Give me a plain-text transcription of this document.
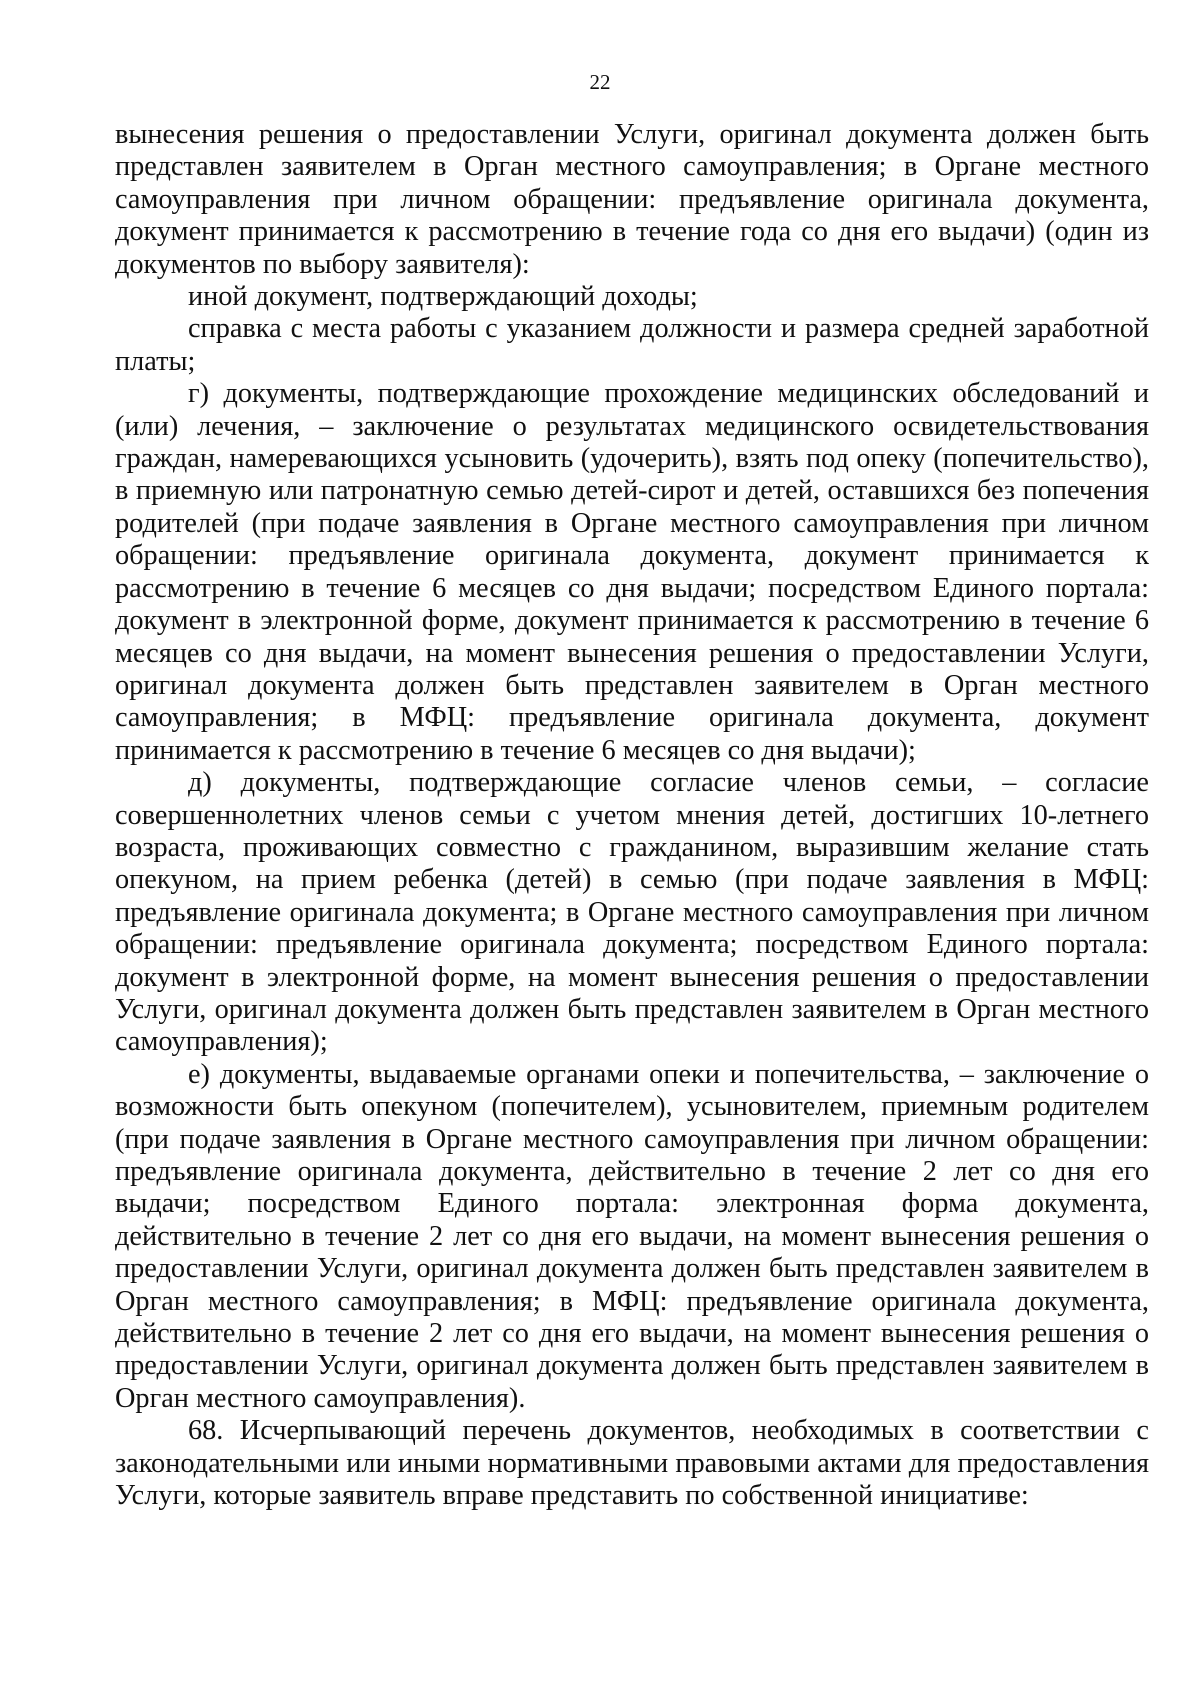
22

вынесения решения о предоставлении Услуги, оригинал документа должен быть представлен заявителем в Орган местного самоуправления; в Органе местного самоуправления при личном обращении: предъявление оригинала документа, документ принимается к рассмотрению в течение года со дня его выдачи) (один из документов по выбору заявителя):

иной документ, подтверждающий доходы;

справка с места работы с указанием должности и размера средней заработной платы;

г) документы, подтверждающие прохождение медицинских обследований и (или) лечения, – заключение о результатах медицинского освидетельствования граждан, намеревающихся усыновить (удочерить), взять под опеку (попечительство), в приемную или патронатную семью детей-сирот и детей, оставшихся без попечения родителей (при подаче заявления в Органе местного самоуправления при личном обращении: предъявление оригинала документа, документ принимается к рассмотрению в течение 6 месяцев со дня выдачи; посредством Единого портала: документ в электронной форме, документ принимается к рассмотрению в течение 6 месяцев со дня выдачи, на момент вынесения решения о предоставлении Услуги, оригинал документа должен быть представлен заявителем в Орган местного самоуправления; в МФЦ: предъявление оригинала документа, документ принимается к рассмотрению в течение 6 месяцев со дня выдачи);

д) документы, подтверждающие согласие членов семьи, – согласие совершеннолетних членов семьи с учетом мнения детей, достигших 10-летнего возраста, проживающих совместно с гражданином, выразившим желание стать опекуном, на прием ребенка (детей) в семью (при подаче заявления в МФЦ: предъявление оригинала документа; в Органе местного самоуправления при личном обращении: предъявление оригинала документа; посредством Единого портала: документ в электронной форме, на момент вынесения решения о предоставлении Услуги, оригинал документа должен быть представлен заявителем в Орган местного самоуправления);

е) документы, выдаваемые органами опеки и попечительства, – заключение о возможности быть опекуном (попечителем), усыновителем, приемным родителем (при подаче заявления в Органе местного самоуправления при личном обращении: предъявление оригинала документа, действительно в течение 2 лет со дня его выдачи; посредством Единого портала: электронная форма документа, действительно в течение 2 лет со дня его выдачи, на момент вынесения решения о предоставлении Услуги, оригинал документа должен быть представлен заявителем в Орган местного самоуправления; в МФЦ: предъявление оригинала документа, действительно в течение 2 лет со дня его выдачи, на момент вынесения решения о предоставлении Услуги, оригинал документа должен быть представлен заявителем в Орган местного самоуправления).

68. Исчерпывающий перечень документов, необходимых в соответствии с законодательными или иными нормативными правовыми актами для предоставления Услуги, которые заявитель вправе представить по собственной инициативе:
